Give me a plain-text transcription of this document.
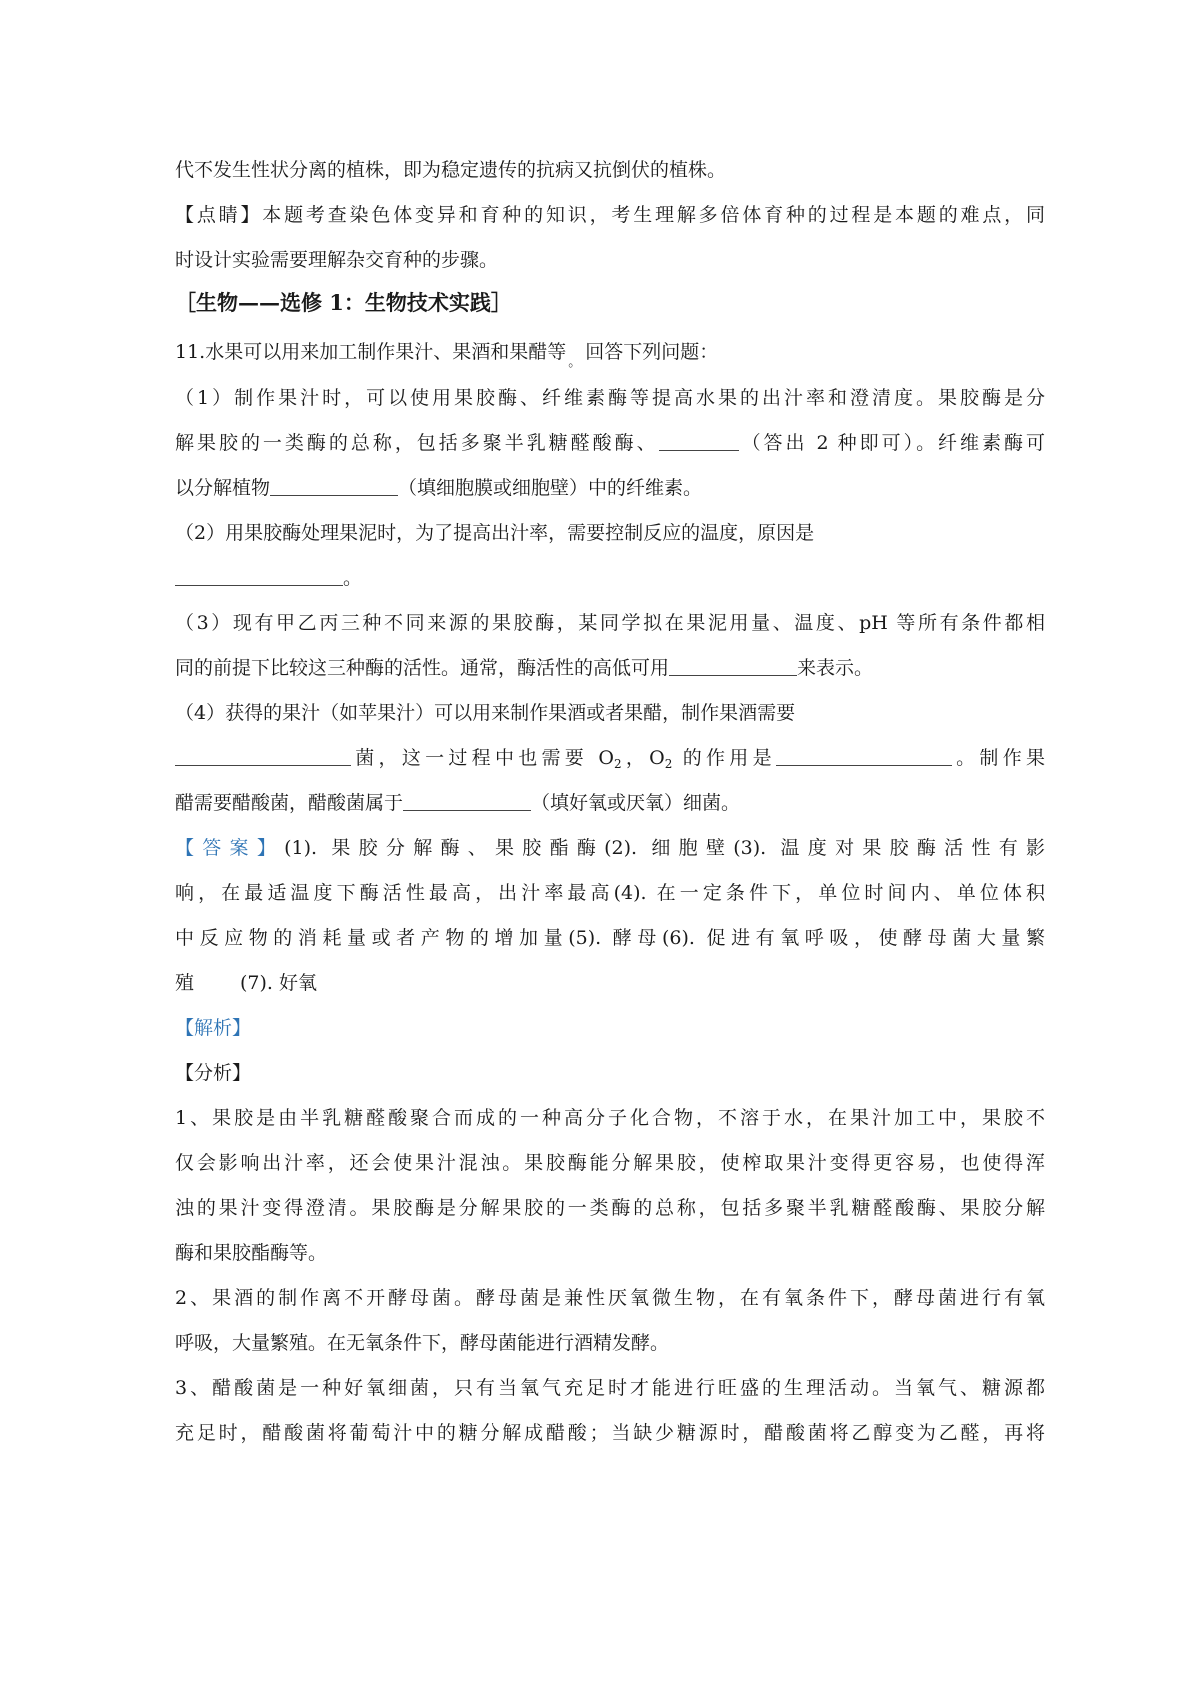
代不发生性状分离的植株，即为稳定遗传的抗病又抗倒伏的植株。

【点睛】本题考查染色体变异和育种的知识，考生理解多倍体育种的过程是本题的难点，同

时设计实验需要理解杂交育种的步骤。

［生物——选修 1：生物技术实践］

11.水果可以用来加工制作果汁、果酒和果醋等 $_。$ 回答下列问题：

（1）制作果汁时，可以使用果胶酶、纤维素酶等提高水果的出汁率和澄清度。果胶酶是分

解果胶的一类酶的总称，包括多聚半乳糖醛酸酶、	（答出 2 种即可）。纤维素酶可

以分解植物	（填细胞膜或细胞壁）中的纤维素。

（2）用果胶酶处理果泥时，为了提高出汁率，需要控制反应的温度，原因是

。

（3）现有甲乙丙三种不同来源的果胶酶，某同学拟在果泥用量、温度、pH 等所有条件都相

同的前提下比较这三种酶的活性。通常，酶活性的高低可用	来表示。

（4）获得的果汁（如苹果汁）可以用来制作果酒或者果醋，制作果酒需要

菌，这一过程中也需要 $O_2$，$O_2$ 的作用是	。制作果

醋需要醋酸菌，醋酸菌属于	（填好氧或厌氧）细菌。

【答案】(1). 果胶分解酶、果胶酯酶(2). 细胞壁(3). 温度对果胶酶活性有影

响，在最适温度下酶活性最高，出汁率最高(4). 在一定条件下，单位时间内、单位体积

中反应物的消耗量或者产物的增加量(5). 酵母(6). 促进有氧呼吸，使酵母菌大量繁

殖 (7). 好氧

【解析】

【分析】

1、果胶是由半乳糖醛酸聚合而成的一种高分子化合物，不溶于水，在果汁加工中，果胶不

仅会影响出汁率，还会使果汁混浊。果胶酶能分解果胶，使榨取果汁变得更容易，也使得浑

浊的果汁变得澄清。果胶酶是分解果胶的一类酶的总称，包括多聚半乳糖醛酸酶、果胶分解

酶和果胶酯酶等。

2、果酒的制作离不开酵母菌。酵母菌是兼性厌氧微生物，在有氧条件下，酵母菌进行有氧

呼吸，大量繁殖。在无氧条件下，酵母菌能进行酒精发酵。

3、醋酸菌是一种好氧细菌，只有当氧气充足时才能进行旺盛的生理活动。当氧气、糖源都

充足时，醋酸菌将葡萄汁中的糖分解成醋酸；当缺少糖源时，醋酸菌将乙醇变为乙醛，再将
